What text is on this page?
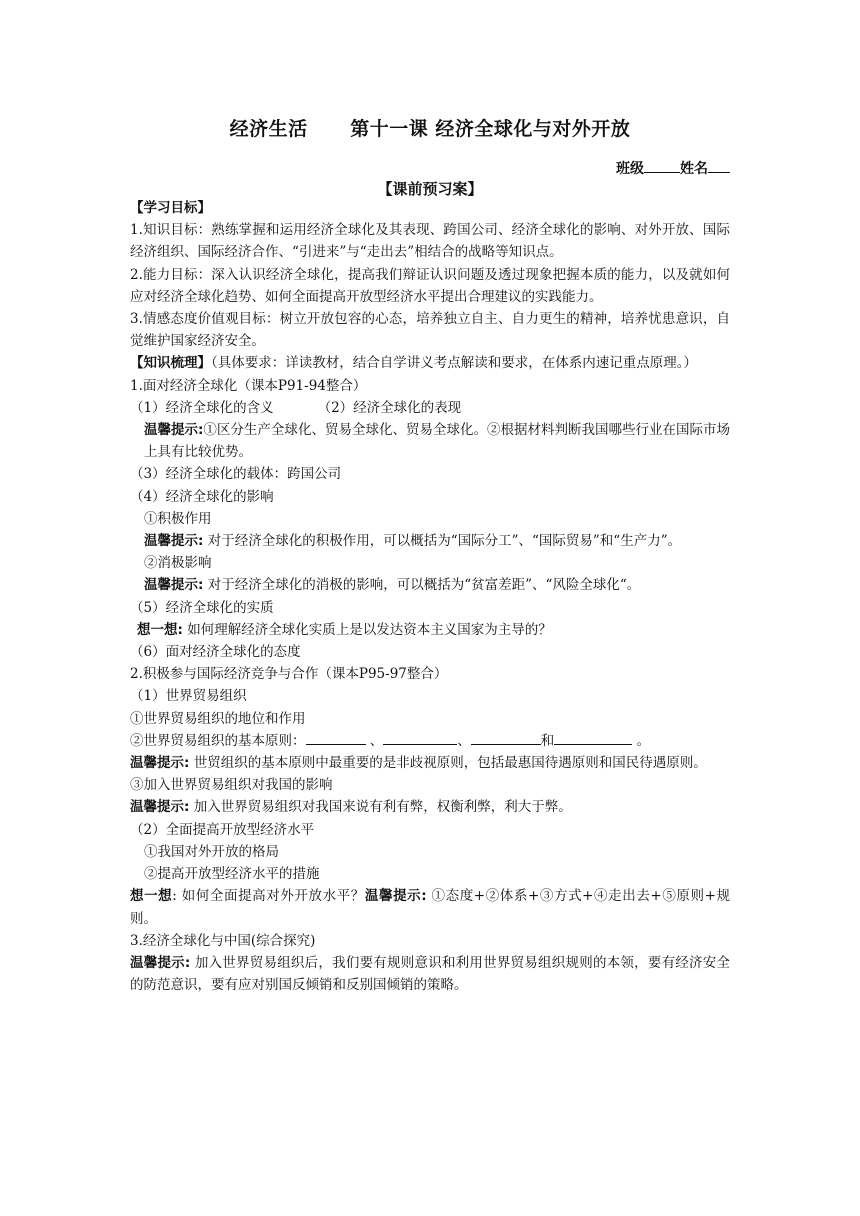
经济生活      第十一课 经济全球化与对外开放
班级	姓名
【课前预习案】

【学习目标】

1.知识目标：熟练掌握和运用经济全球化及其表现、跨国公司、经济全球化的影响、对外开放、国际经济组织、国际经济合作、“引进来”与“走出去”相结合的战略等知识点。

2.能力目标：深入认识经济全球化，提高我们辩证认识问题及透过现象把握本质的能力，以及就如何应对经济全球化趋势、如何全面提高开放型经济水平提出合理建议的实践能力。

3.情感态度价值观目标：树立开放包容的心态，培养独立自主、自力更生的精神，培养忧患意识，自觉维护国家经济安全。

【知识梳理】（具体要求：详读教材，结合自学讲义考点解读和要求，在体系内速记重点原理。）

1.面对经济全球化（课本P91-94整合）

（1）经济全球化的含义	（2）经济全球化的表现

温馨提示:①区分生产全球化、贸易全球化、贸易全球化。②根据材料判断我国哪些行业在国际市场上具有比较优势。

（3）经济全球化的载体：跨国公司

（4）经济全球化的影响

①积极作用

温馨提示: 对于经济全球化的积极作用，可以概括为“国际分工”、“国际贸易”和“生产力”。

②消极影响

温馨提示: 对于经济全球化的消极的影响，可以概括为“贫富差距”、“风险全球化“。

（5）经济全球化的实质

想一想: 如何理解经济全球化实质上是以发达资本主义国家为主导的？

（6）面对经济全球化的态度

2.积极参与国际经济竞争与合作（课本P95-97整合）

（1）世界贸易组织

①世界贸易组织的地位和作用

②世界贸易组织的基本原则：	、	、	和	。

温馨提示: 世贸组织的基本原则中最重要的是非歧视原则，包括最惠国待遇原则和国民待遇原则。

③加入世界贸易组织对我国的影响

温馨提示: 加入世界贸易组织对我国来说有利有弊，权衡利弊，利大于弊。

（2）全面提高开放型经济水平

①我国对外开放的格局

②提高开放型经济水平的措施

想一想: 如何全面提高对外开放水平？温馨提示: ①态度+②体系+③方式+④走出去+⑤原则+规则。

3.经济全球化与中国(综合探究)

温馨提示: 加入世界贸易组织后，我们要有规则意识和利用世界贸易组织规则的本领，要有经济安全的防范意识，要有应对别国反倾销和反别国倾销的策略。
